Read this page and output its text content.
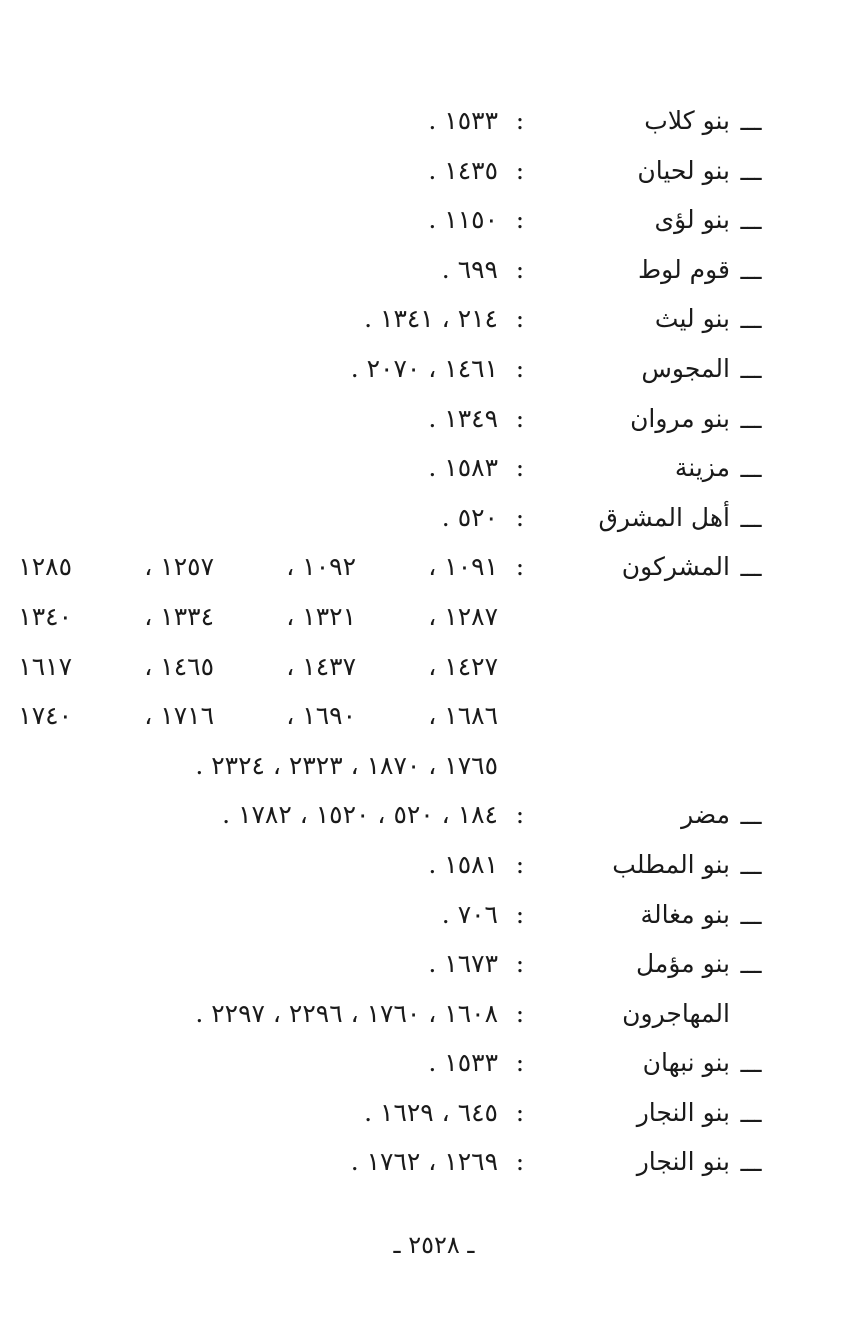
ـــ
بنو كلاب
:
١٥٣٣ .
ـــ
بنو لحيان
:
١٤٣٥ .
ـــ
بنو لؤى
:
١١٥٠ .
ـــ
قوم لوط
:
٦٩٩ .
ـــ
بنو ليث
:
٢١٤ ، ١٣٤١ .
ـــ
المجوس
:
١٤٦١ ، ٢٠٧٠ .
ـــ
بنو مروان
:
١٣٤٩ .
ـــ
مزينة
:
١٥٨٣ .
ـــ
أهل المشرق
:
٥٢٠ .
ـــ
المشركون
:
١٠٩١ ،
١٠٩٢ ،
١٢٥٧ ،
١٢٨٥
١٢٨٧ ،
١٣٢١ ،
١٣٣٤ ،
١٣٤٠
١٤٢٧ ،
١٤٣٧ ،
١٤٦٥ ،
١٦١٧
١٦٨٦ ،
١٦٩٠ ،
١٧١٦ ،
١٧٤٠
١٧٦٥ ، ١٨٧٠ ، ٢٣٢٣ ، ٢٣٢٤ .
ـــ
مضر
:
١٨٤ ، ٥٢٠ ، ١٥٢٠ ، ١٧٨٢ .
ـــ
بنو المطلب
:
١٥٨١ .
ـــ
بنو مغالة
:
٧٠٦ .
ـــ
بنو مؤمل
:
١٦٧٣ .
المهاجرون
:
١٦٠٨ ، ١٧٦٠ ، ٢٢٩٦ ، ٢٢٩٧ .
ـــ
بنو نبهان
:
١٥٣٣ .
ـــ
بنو النجار
:
٦٤٥ ، ١٦٢٩ .
ـــ
بنو النجار
:
١٢٦٩ ، ١٧٦٢ .
ـ ٢٥٢٨ ـ
